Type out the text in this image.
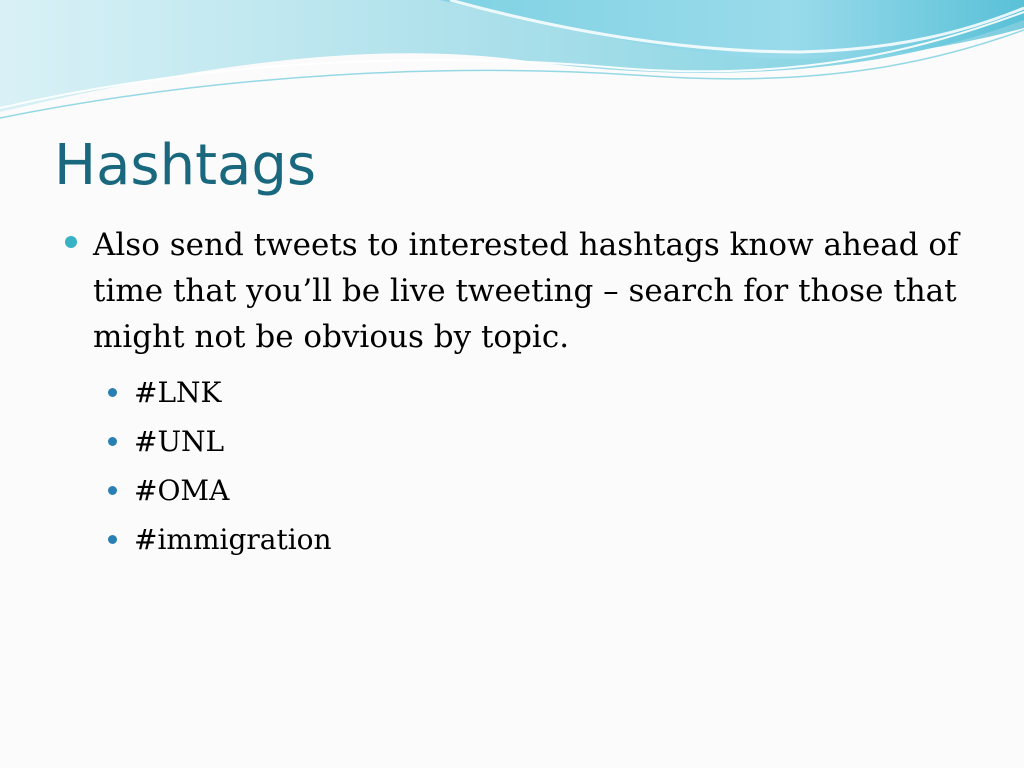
Hashtags
Also send tweets to interested hashtags know ahead of time that you’ll be live tweeting – search for those that might not be obvious by topic.
#LNK
#UNL
#OMA
#immigration
